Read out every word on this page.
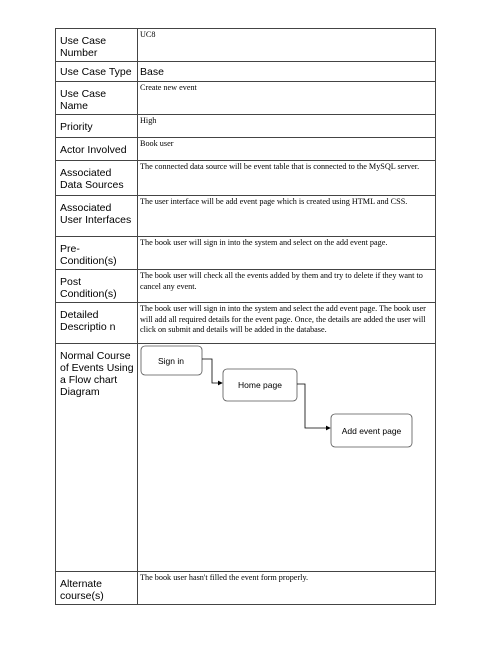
Use Case Number	UC8
Use Case Type	Base
Use Case Name	Create new event
Priority	High
Actor Involved	Book user
Associated Data Sources	The connected data source will be event table that is connected to the MySQL server.
Associated User Interfaces	The user interface will be add event page which is created using HTML and CSS.
Pre-Condition(s)	The book user will sign in into the system and select on the add event page.
Post Condition(s)	The book user will check all the events added by them and try to delete if they want to cancel any event.
Detailed Descriptio n	The book user will sign in into the system and select the add event page. The book user will add all required details for the event page. Once, the details are added the user will click on submit and details will be added in the database.
Normal Course of Events Using a Flow chart Diagram	Sign in
Home page
Add event page

Alternate course(s)	The book user hasn't filled the event form properly.
